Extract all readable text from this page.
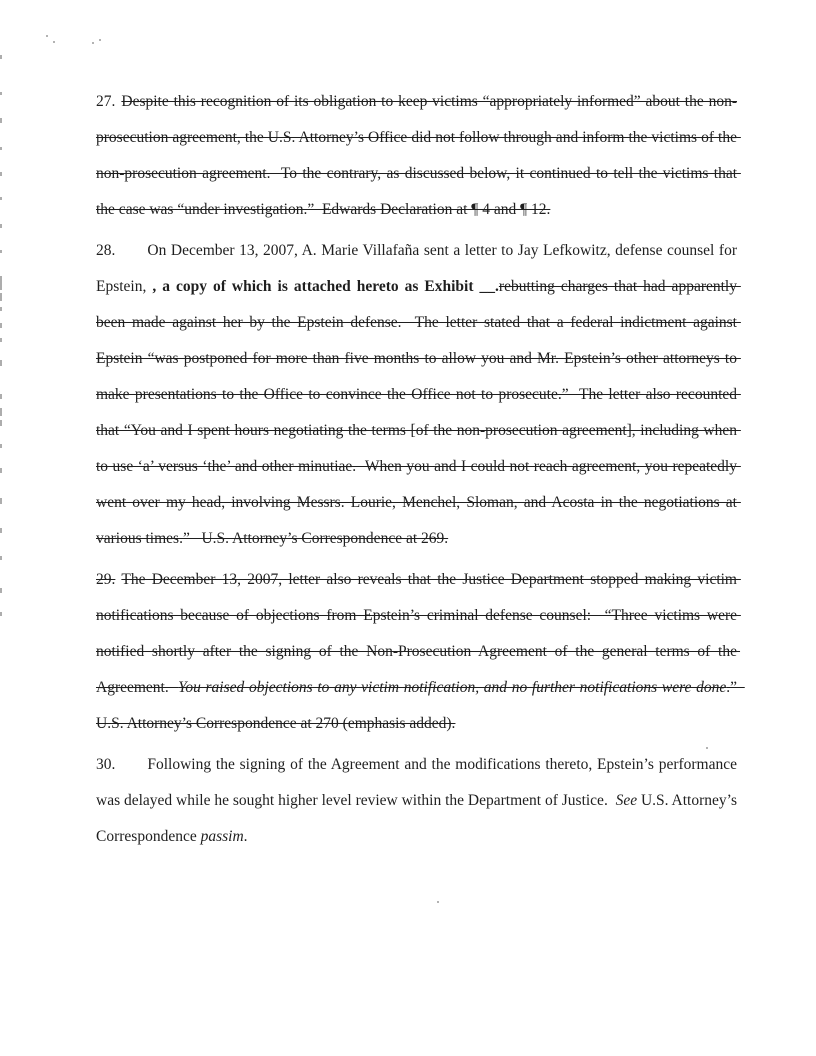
27. Despite this recognition of its obligation to keep victims “appropriately informed” about the non-prosecution agreement, the U.S. Attorney’s Office did not follow through and inform the victims of the non-prosecution agreement.  To the contrary, as discussed below, it continued to tell the victims that the case was “under investigation.”  Edwards Declaration at ¶ 4 and ¶ 12.

28. On December 13, 2007, A. Marie Villafaña sent a letter to Jay Lefkowitz, defense counsel for Epstein, , a copy of which is attached hereto as Exhibit __.rebutting charges that had apparently been made against her by the Epstein defense.  The letter stated that a federal indictment against Epstein “was postponed for more than five months to allow you and Mr. Epstein’s other attorneys to make presentations to the Office to convince the Office not to prosecute.”  The letter also recounted that “You and I spent hours negotiating the terms [of the non-prosecution agreement], including when to use ‘a’ versus ‘the’ and other minutiae.  When you and I could not reach agreement, you repeatedly went over my head, involving Messrs. Lourie, Menchel, Sloman, and Acosta in the negotiations at various times.”   U.S. Attorney’s Correspondence at 269.

29. The December 13, 2007, letter also reveals that the Justice Department stopped making victim notifications because of objections from Epstein’s criminal defense counsel:  “Three victims were notified shortly after the signing of the Non-Prosecution Agreement of the general terms of the Agreement.  You raised objections to any victim notification, and no further notifications were done.”  U.S. Attorney’s Correspondence at 270 (emphasis added).

30. Following the signing of the Agreement and the modifications thereto, Epstein’s performance was delayed while he sought higher level review within the Department of Justice.  See U.S. Attorney’s Correspondence passim.
